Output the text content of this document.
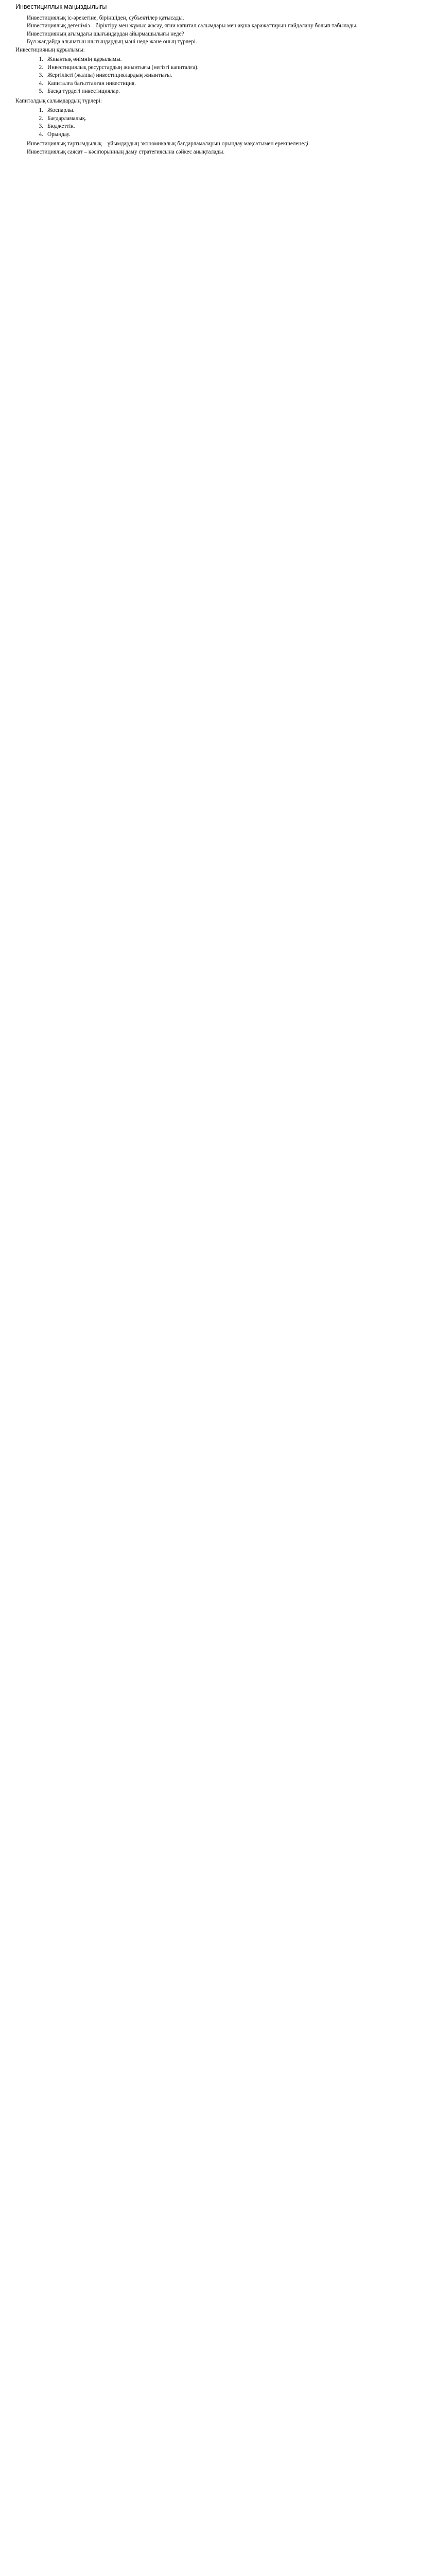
Инвестициялық маңыздылығы

Инвестициялық іс-әрекетіне, біріншіден, субъектілер қатысады.

Инвестициялық дегеніміз – біріктіру мен жұмыс жасау, яғни капитал салымдары мен ақша қаражаттарын пайдалану болып табылады.

Инвестицияның ағымдағы шығындардан айырмашылығы неде?

Бұл жағдайда алынатын шығындардың мәні неде және оның түрлері.

Инвестицияның құрылымы:

1.	Жиынтық өнімнің құрылымы.
2.	Инвестициялық ресурстардың жиынтығы (негізгі капиталға).
3.	Жергілікті (жалпы) инвестициялардың жиынтығы.
4.	Капиталға бағытталған инвестиция.
5.	Басқа түрдегі инвестициялар.

Капиталдық салымдардың түрлері:

1.	Жоспарлы.
2.	Бағдарламалық.
3.	Бюджеттік.
4.	Орындау.

Инвестициялық тартымдылық – ұйымдардың экономикалық бағдарламаларын орындау мақсатымен ерекшеленеді.

Инвестициялық саясат – кәсіпорынның даму стратегиясына сәйкес анықталады.
